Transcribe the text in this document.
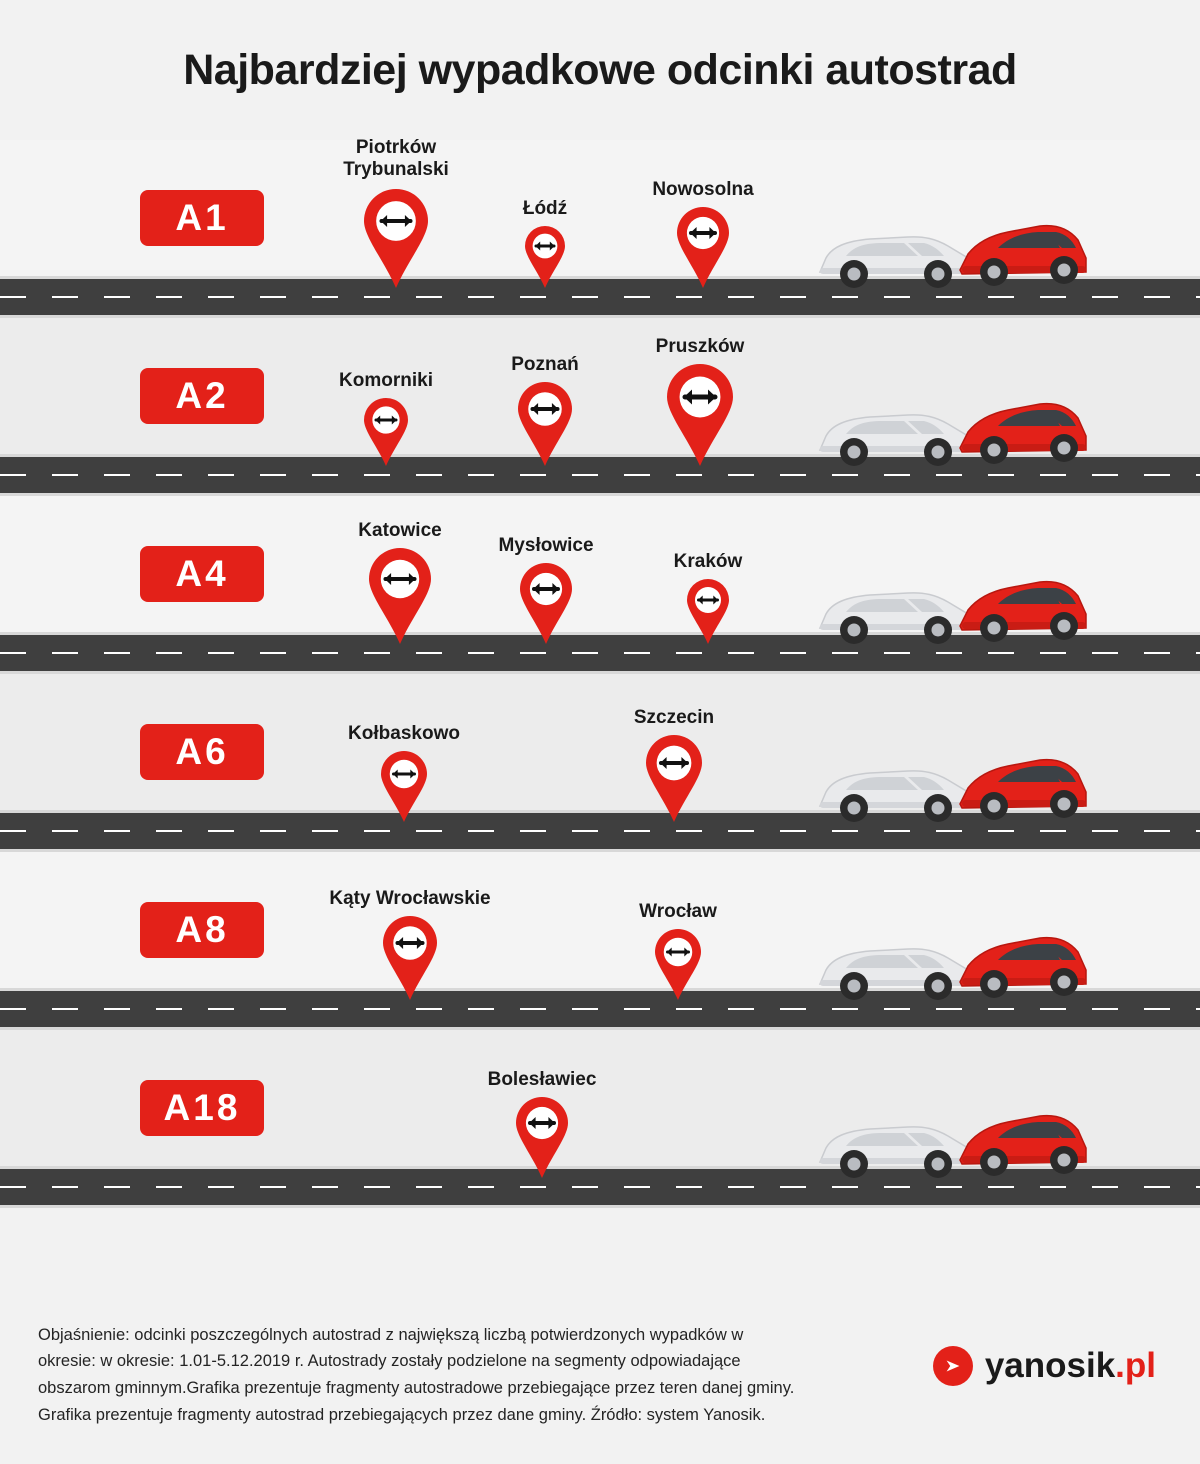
Najbardziej wypadkowe odcinki autostrad
A1
Piotrków
Trybunalski
Łódź
Nowosolna
A2	Komorniki
Poznań
Pruszków
A4
Katowice
Mysłowice
Kraków
A6	Kołbaskowo
Szczecin
A8
Kąty Wrocławskie
Wrocław
A18
Bolesławiec
Objaśnienie: odcinki poszczególnych autostrad z największą liczbą potwierdzonych wypadków w okresie: w okresie: 1.01-5.12.2019 r. Autostrady zostały podzielone na segmenty odpowiadające obszarom gminnym.Grafika prezentuje fragmenty autostradowe przebiegające przez teren danej gminy. Grafika prezentuje fragmenty autostrad przebiegających przez dane gminy. Źródło: system Yanosik.
yanosik.pl
